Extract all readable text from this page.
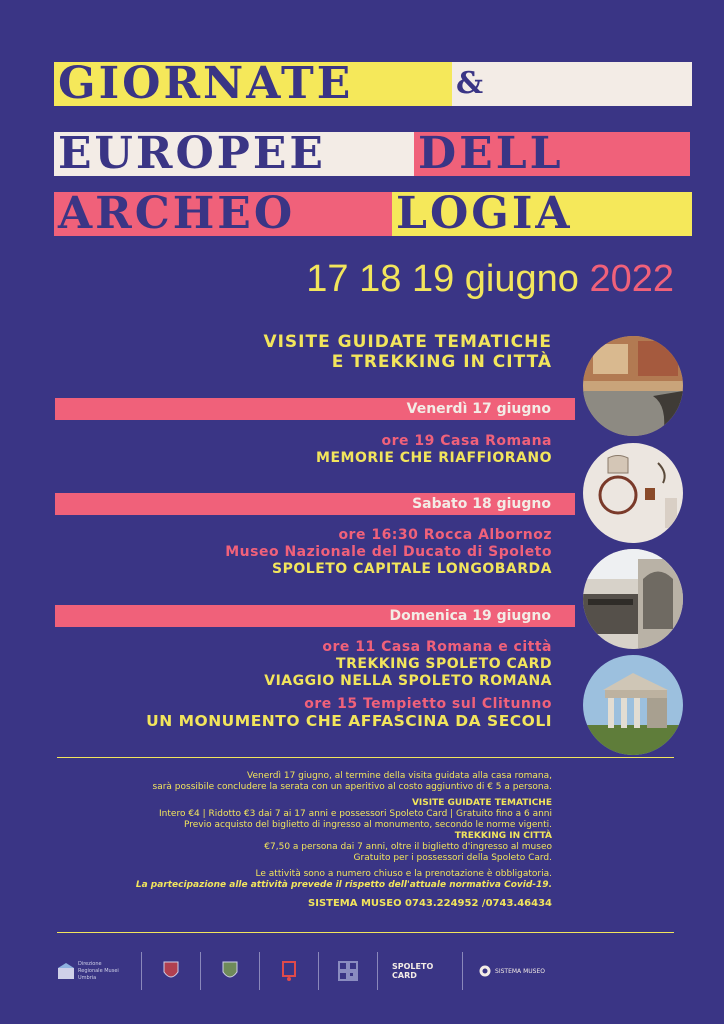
GIORNATE	&
EUROPEE	DELL
ARCHEO	LOGIA
17 18 19 giugno 2022
VISITE GUIDATE TEMATICHE
E TREKKING IN CITTÀ
Venerdì 17 giugno
ore 19 Casa Romana
MEMORIE CHE RIAFFIORANO
Sabato 18 giugno
ore 16:30 Rocca Albornoz
Museo Nazionale del Ducato di Spoleto
SPOLETO CAPITALE LONGOBARDA
Domenica 19 giugno
ore 11 Casa Romana e città
TREKKING SPOLETO CARD
VIAGGIO NELLA SPOLETO ROMANA
ore 15 Tempietto sul Clitunno
UN MONUMENTO CHE AFFASCINA DA SECOLI
Venerdì 17 giugno, al termine della visita guidata alla casa romana,
sarà possibile concludere la serata con un aperitivo al costo aggiuntivo di € 5 a persona.
VISITE GUIDATE TEMATICHE
Intero €4 | Ridotto €3 dai 7 ai 17 anni e possessori Spoleto Card | Gratuito fino a 6 anni
Previo acquisto del biglietto di ingresso al monumento, secondo le norme vigenti.
TREKKING IN CITTÀ
€7,50 a persona dai 7 anni, oltre il biglietto d'ingresso al museo
Gratuito per i possessori della Spoleto Card.
Le attività sono a numero chiuso e la prenotazione è obbligatoria.
La partecipazione alle attività prevede il rispetto dell'attuale normativa Covid-19.
SISTEMA MUSEO 0743.224952 /0743.46434
Direzione Regionale Musei Umbria
SPOLETO CARD	SISTEMA MUSEO
